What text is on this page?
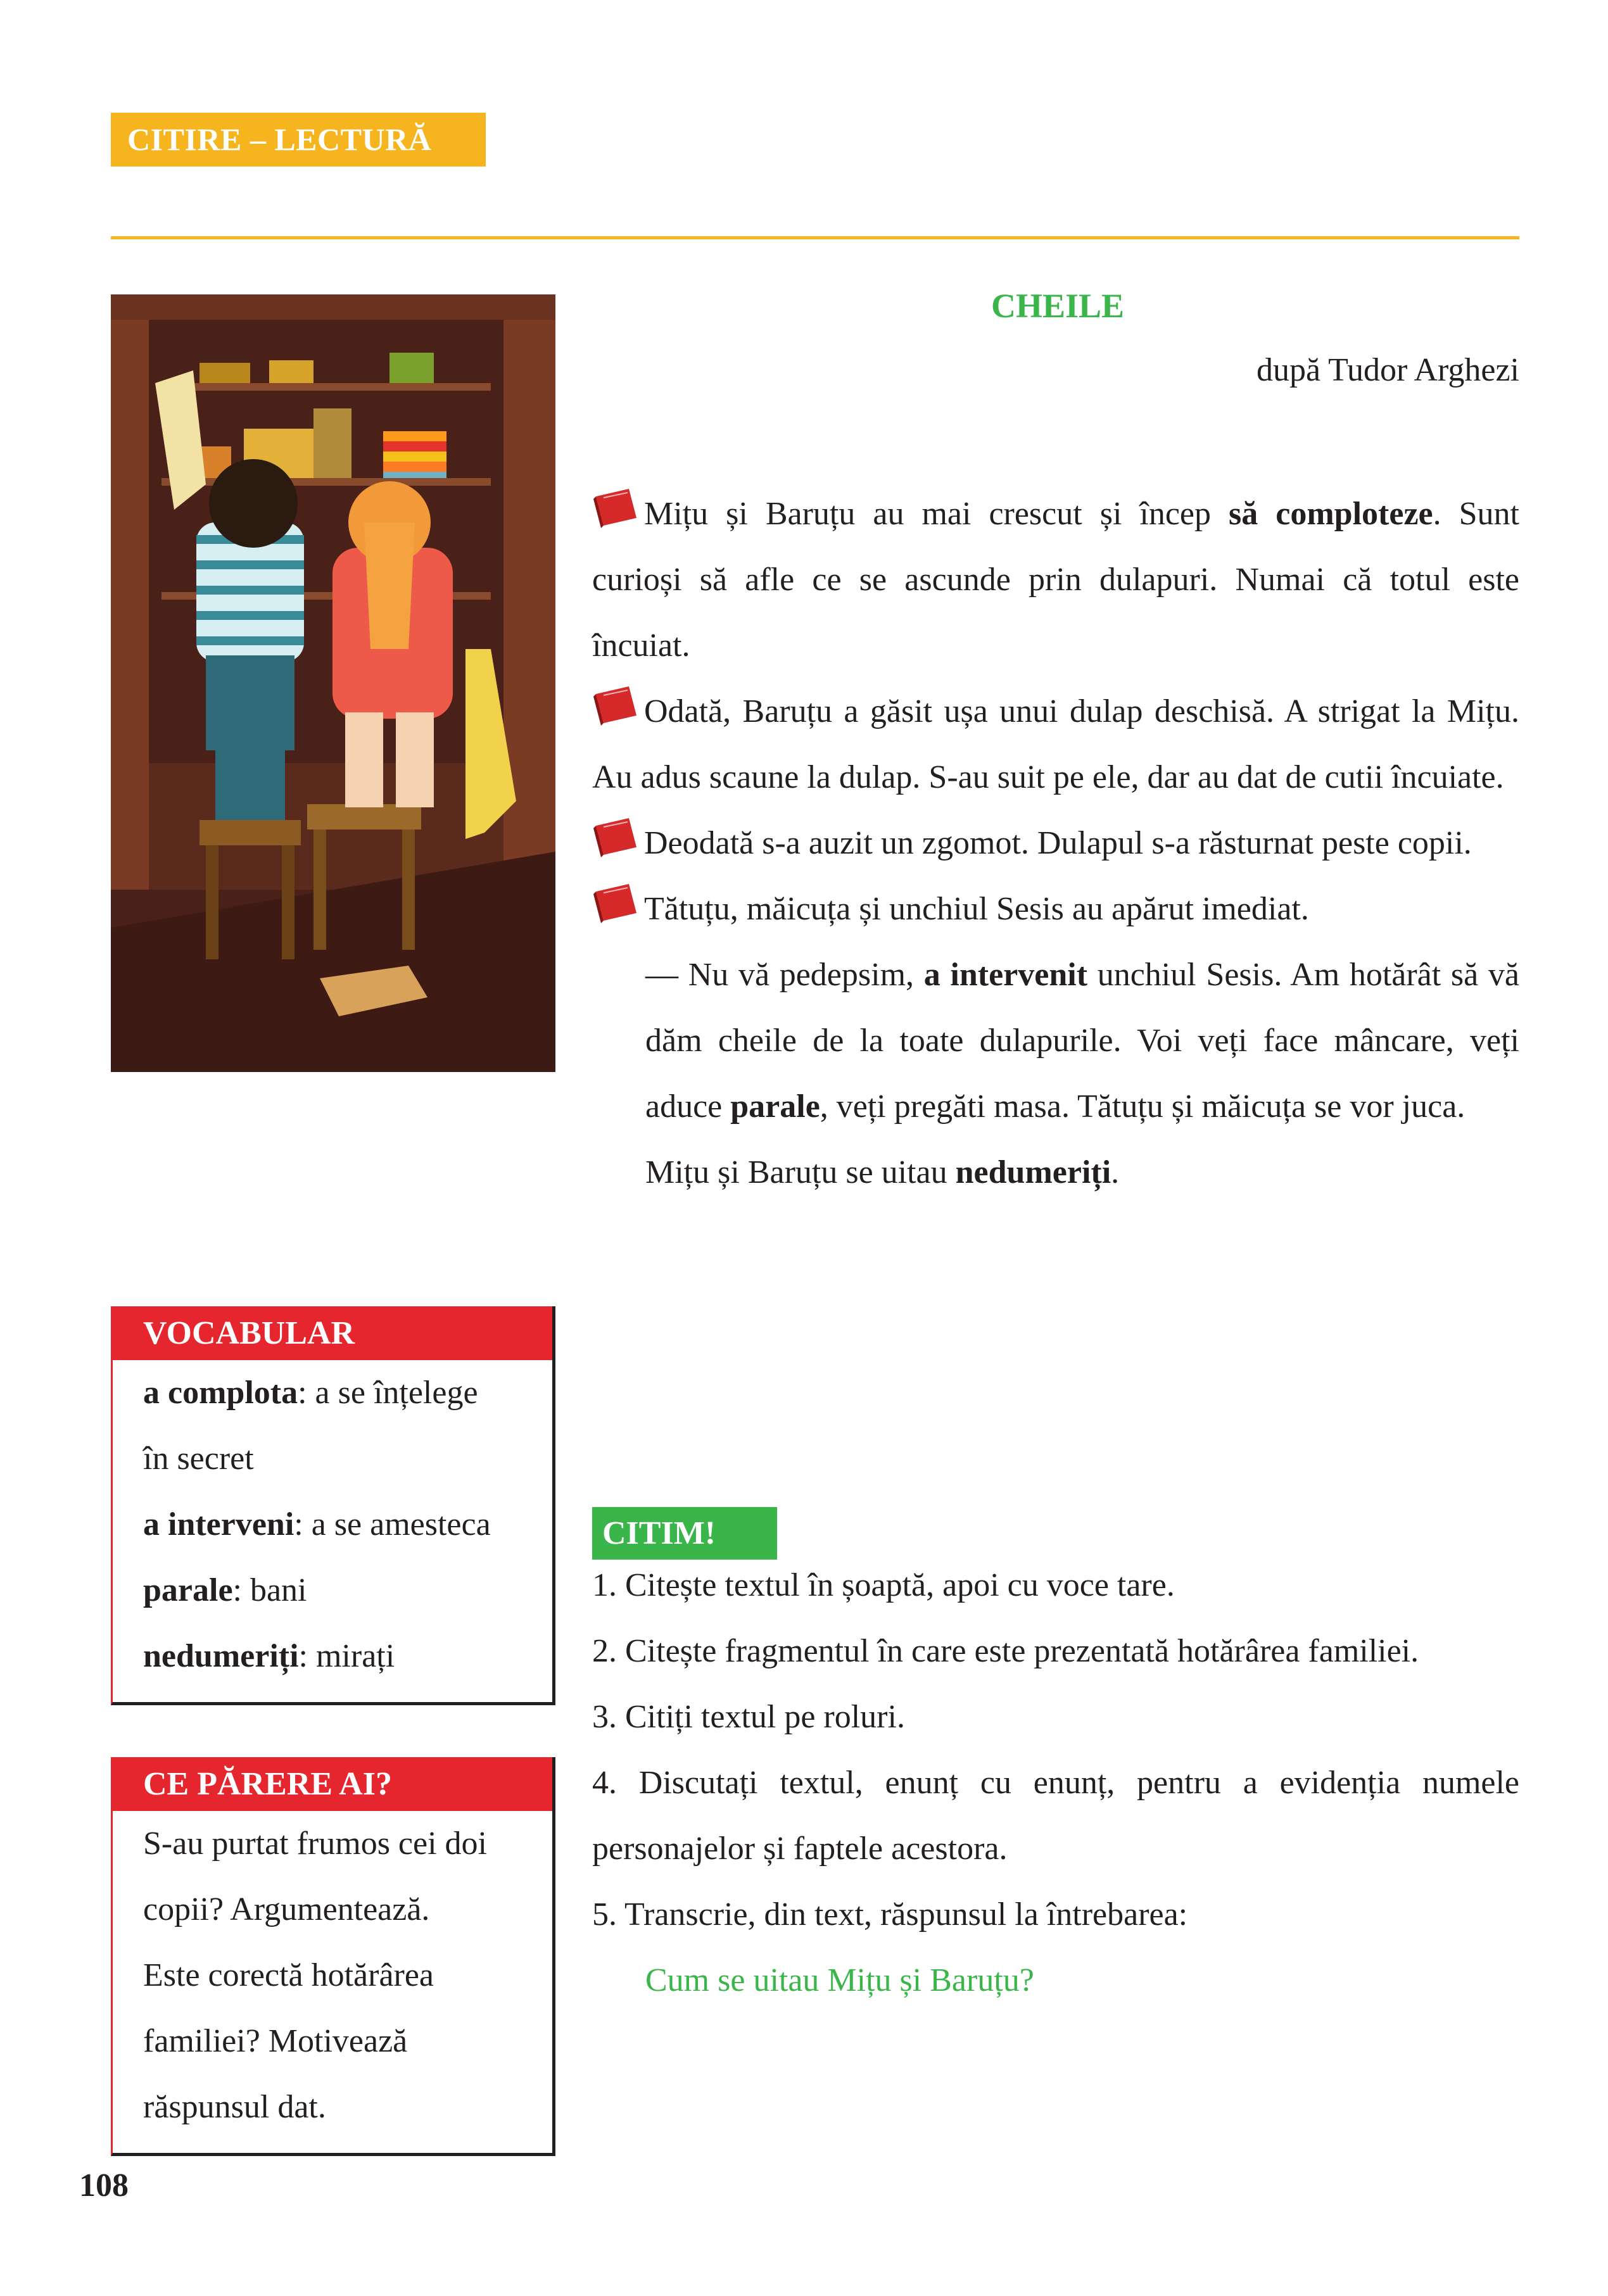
CITIRE – LECTURĂ
CHEILE
după Tudor Arghezi

Mițu și Baruțu au mai crescut și încep să comploteze. Sunt curioși să afle ce se ascunde prin dulapuri. Numai că totul este încuiat.

Odată, Baruțu a găsit ușa unui dulap deschisă. A strigat la Mițu. Au adus scaune la dulap. S-au suit pe ele, dar au dat de cutii încuiate.

Deodată s-a auzit un zgomot. Dulapul s-a răsturnat peste copii.

Tătuțu, măicuța și unchiul Sesis au apărut imediat.

— Nu vă pedepsim, a intervenit unchiul Sesis. Am hotărât să vă dăm cheile de la toate dulapurile. Voi veți face mâncare, veți aduce parale, veți pregăti masa. Tătuțu și măicuța se vor juca.

Mițu și Baruțu se uitau nedumeriți.

VOCABULAR
a complota: a se înțelege
în secret
a interveni: a se amesteca
parale: bani
nedumeriți: mirați
CE PĂRERE AI?
S-au purtat frumos cei doi
copii? Argumentează.
Este corectă hotărârea
familiei? Motivează
răspunsul dat.
CITIM!
1. Citește textul în șoaptă, apoi cu voce tare.
2. Citește fragmentul în care este prezentată hotărârea familiei.
3. Citiți textul pe roluri.
4. Discutați textul, enunț cu enunț, pentru a evidenția numele personajelor și faptele acestora.
5. Transcrie, din text, răspunsul la întrebarea:
Cum se uitau Mițu și Baruțu?
108
